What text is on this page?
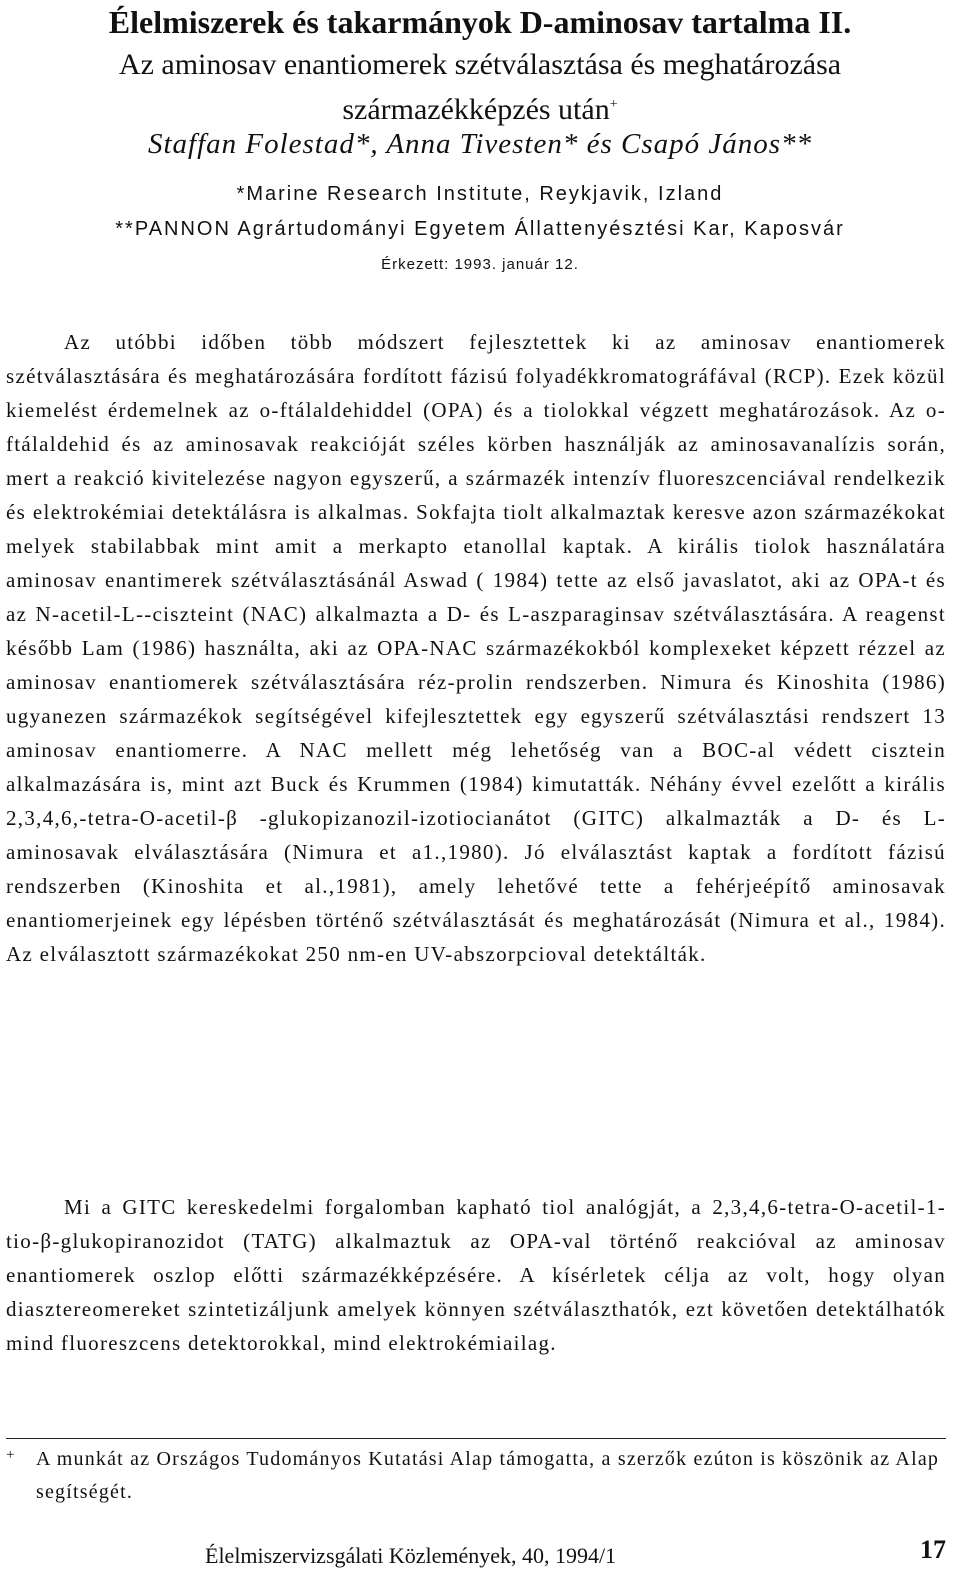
Élelmiszerek és takarmányok D-aminosav tartalma II.
Az aminosav enantiomerek szétválasztása és meghatározása
származékképzés után+
Staffan Folestad*, Anna Tivesten* és Csapó János**
*Marine Research Institute, Reykjavik, Izland
**PANNON Agrártudományi Egyetem Állattenyésztési Kar, Kaposvár
Érkezett: 1993. január 12.
Az utóbbi időben több módszert fejlesztettek ki az aminosav enantiomerek szétválasztására és meghatározására fordított fázisú folyadékkromatográfával (RCP). Ezek közül kiemelést érdemelnek az o-ftálaldehiddel (OPA) és a tiolokkal végzett meghatározások. Az o-ftálaldehid és az aminosavak reakcióját széles körben használják az aminosavanalízis során, mert a reakció kivitelezése nagyon egyszerű, a származék intenzív fluoreszcenciával rendelkezik és elektrokémiai detektálásra is alkalmas. Sokfajta tiolt alkalmaztak keresve azon származékokat melyek stabilabbak mint amit a merkapto etanollal kaptak. A királis tiolok használatára aminosav enantimerek szétválasztásánál Aswad ( 1984) tette az első javaslatot, aki az OPA-t és az N-acetil-L--ciszteint (NAC) alkalmazta a D- és L-aszparaginsav szétválasztására. A reagenst később Lam (1986) használta, aki az OPA-NAC származékokból komplexeket képzett rézzel az aminosav enantiomerek szétválasztására réz-prolin rendszerben. Nimura és Kinoshita (1986) ugyanezen származékok segítségével kifejlesztettek egy egyszerű szétválasztási rendszert 13 aminosav enantiomerre. A NAC mellett még lehetőség van a BOC-al védett cisztein alkalmazására is, mint azt Buck és Krummen (1984) kimutatták. Néhány évvel ezelőtt a királis 2,3,4,6,-tetra-O-acetil-β -glukopizanozil-izotiocianátot (GITC) alkalmazták a D- és L-aminosavak elválasztására (Nimura et a1.,1980). Jó elválasztást kaptak a fordított fázisú rendszerben (Kinoshita et al.,1981), amely lehetővé tette a fehérjeépítő aminosavak enantiomerjeinek egy lépésben történő szétválasztását és meghatározását (Nimura et al., 1984). Az elválasztott származékokat 250 nm-en UV-abszorpcioval detektálták.
Mi a GITC kereskedelmi forgalomban kapható tiol analógját, a 2,3,4,6-tetra-O-acetil-1-tio-β-glukopiranozidot (TATG) alkalmaztuk az OPA-val történő reakcióval az aminosav enantiomerek oszlop előtti származékképzésére. A kísérletek célja az volt, hogy olyan diasztereomereket szintetizáljunk amelyek könnyen szétválaszthatók, ezt követően detektálhatók mind fluoreszcens detektorokkal, mind elektrokémiailag.
+ A munkát az Országos Tudományos Kutatási Alap támogatta, a szerzők ezúton is köszönik az Alap segítségét.
Élelmiszervizsgálati Közlemények, 40, 1994/1	17
